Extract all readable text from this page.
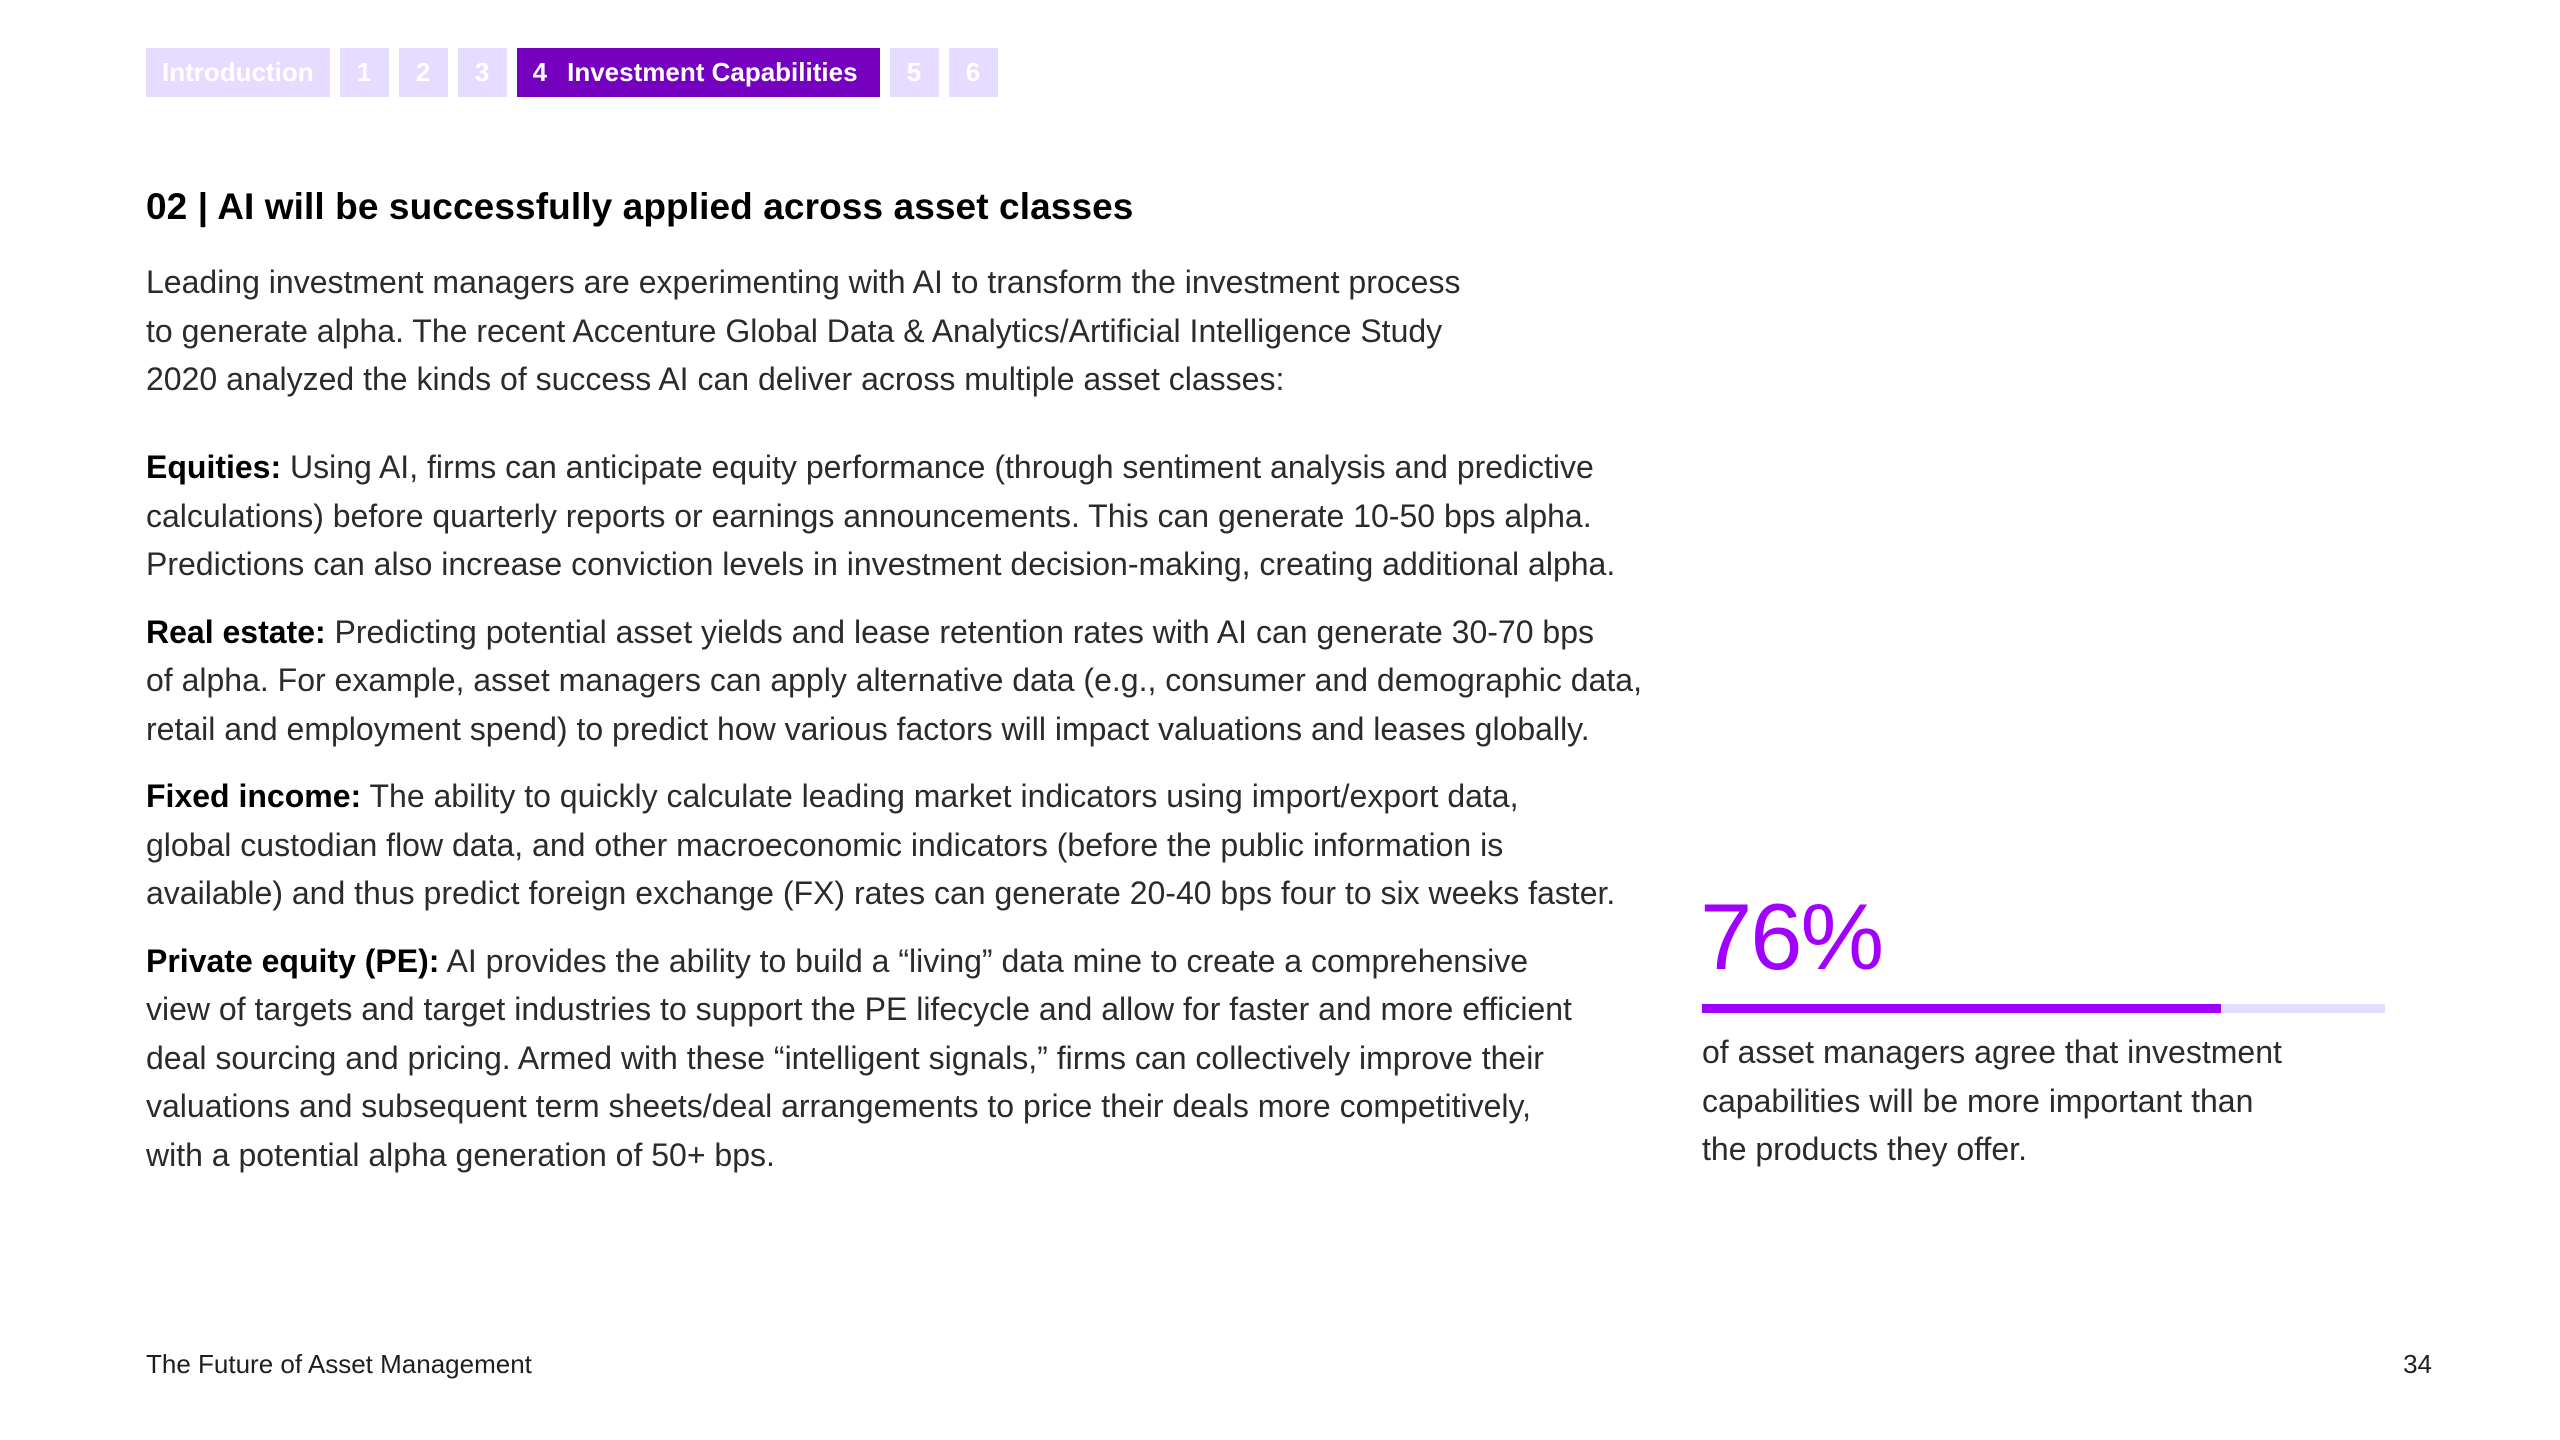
Introduction	1	2	3	4 Investment Capabilities	5	6
02 | AI will be successfully applied across asset classes

Leading investment managers are experimenting with AI to transform the investment process
to generate alpha. The recent Accenture Global Data & Analytics/Artificial Intelligence Study
2020 analyzed the kinds of success AI can deliver across multiple asset classes:

Equities: Using AI, firms can anticipate equity performance (through sentiment analysis and predictive
calculations) before quarterly reports or earnings announcements. This can generate 10-50 bps alpha.
Predictions can also increase conviction levels in investment decision-making, creating additional alpha.

Real estate: Predicting potential asset yields and lease retention rates with AI can generate 30-70 bps
of alpha. For example, asset managers can apply alternative data (e.g., consumer and demographic data,
retail and employment spend) to predict how various factors will impact valuations and leases globally.

Fixed income: The ability to quickly calculate leading market indicators using import/export data,
global custodian flow data, and other macroeconomic indicators (before the public information is
available) and thus predict foreign exchange (FX) rates can generate 20-40 bps four to six weeks faster.

Private equity (PE): AI provides the ability to build a “living” data mine to create a comprehensive
view of targets and target industries to support the PE lifecycle and allow for faster and more efficient
deal sourcing and pricing. Armed with these “intelligent signals,” firms can collectively improve their
valuations and subsequent term sheets/deal arrangements to price their deals more competitively,
with a potential alpha generation of 50+ bps.

76%

of asset managers agree that investment
capabilities will be more important than
the products they offer.

The Future of Asset Management	34
